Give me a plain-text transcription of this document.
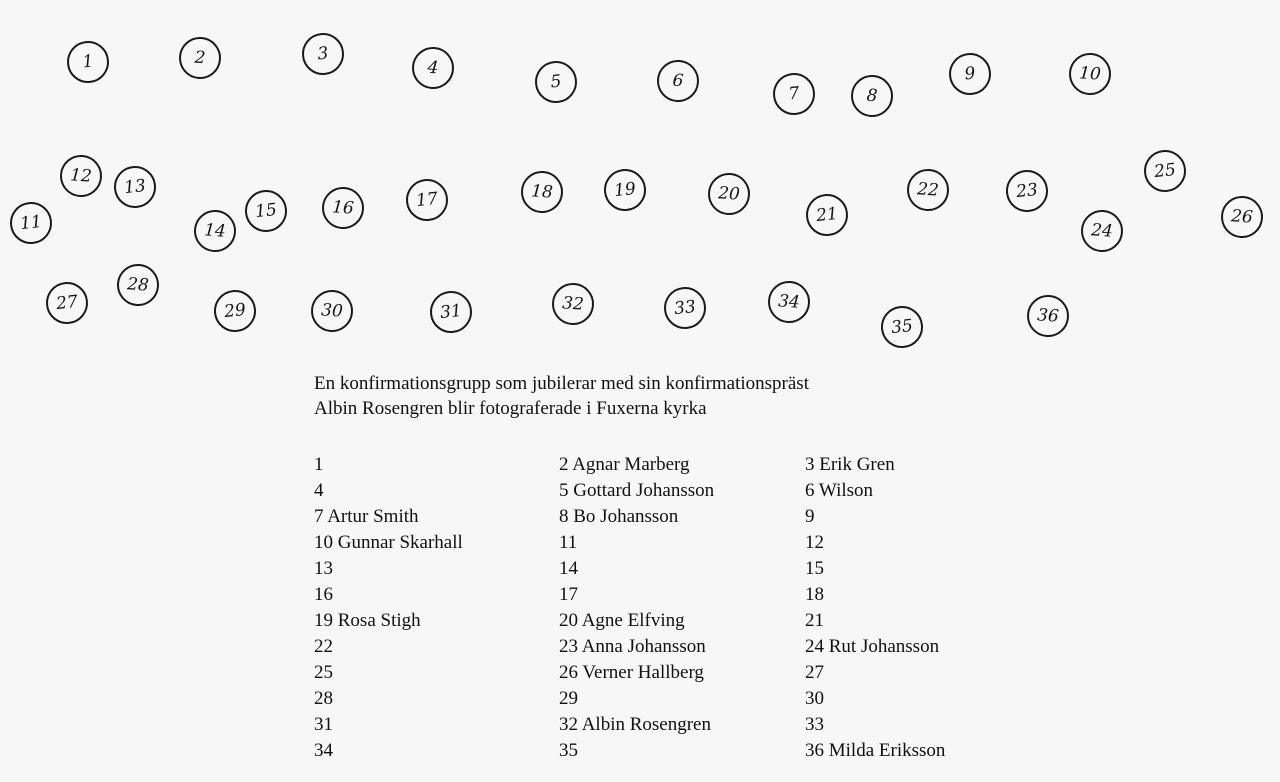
1	2	3
4
5	6
7	8
9	10
11
12	13
14
15	16	17	18	19	20
21
22	23
24
25
26
27
28
29	30	31	32	33	34
35	36
En konfirmationsgrupp som jubilerar med sin konfirmationspräst
Albin Rosengren blir fotograferade i Fuxerna kyrka
1	2 Agnar Marberg	3 Erik Gren
4	5 Gottard Johansson	6 Wilson
7 Artur Smith	8 Bo Johansson	9
10 Gunnar Skarhall	11	12
13	14	15
16	17	18
19 Rosa Stigh	20 Agne Elfving	21
22	23 Anna Johansson	24 Rut Johansson
25	26 Verner Hallberg	27
28	29	30
31	32 Albin Rosengren	33
34	35	36 Milda Eriksson
